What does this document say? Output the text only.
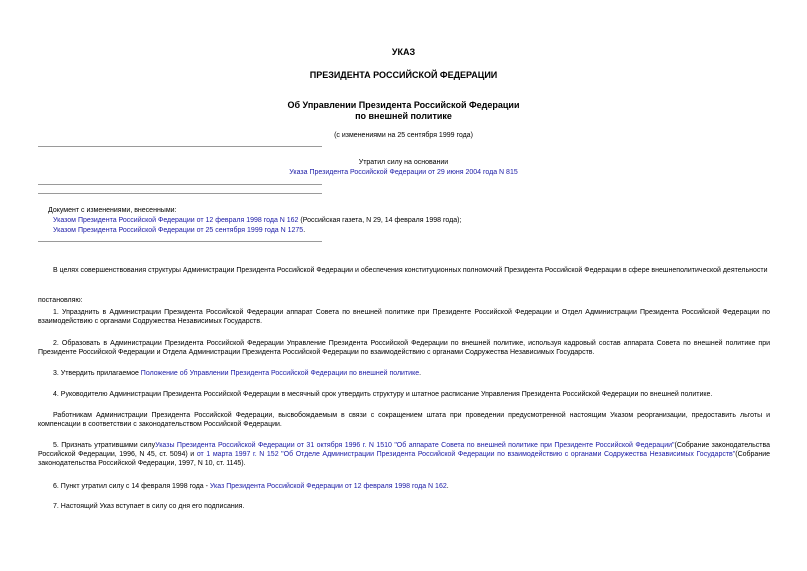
УКАЗ
ПРЕЗИДЕНТА РОССИЙСКОЙ ФЕДЕРАЦИИ
Об Управлении Президента Российской Федерации
по внешней политике
(с изменениями на 25 сентября 1999 года)
Утратил силу на основании
Указа Президента Российской Федерации от 29 июня 2004 года N 815
Документ с изменениями, внесенными:
Указом Президента Российской Федерации от 12 февраля 1998 года N 162 (Российская газета, N 29, 14 февраля 1998 года);
Указом Президента Российской Федерации от 25 сентября 1999 года N 1275.
В целях совершенствования структуры Администрации Президента Российской Федерации и обеспечения конституционных полномочий Президента Российской Федерации в сфере внешнеполитической деятельности
постановляю:
1. Упразднить в Администрации Президента Российской Федерации аппарат Совета по внешней политике при Президенте Российской Федерации и Отдел Администрации Президента Российской Федерации по взаимодействию с органами Содружества Независимых Государств.
2. Образовать в Администрации Президента Российской Федерации Управление Президента Российской Федерации по внешней политике, используя кадровый состав аппарата Совета по внешней политике при Президенте Российской Федерации и Отдела Администрации Президента Российской Федерации по взаимодействию с органами Содружества Независимых Государств.
3. Утвердить прилагаемое Положение об Управлении Президента Российской Федерации по внешней политике.
4. Руководителю Администрации Президента Российской Федерации в месячный срок утвердить структуру и штатное расписание Управления Президента Российской Федерации по внешней политике.
Работникам Администрации Президента Российской Федерации, высвобождаемым в связи с сокращением штата при проведении предусмотренной настоящим Указом реорганизации, предоставить льготы и компенсации в соответствии с законодательством Российской Федерации.
5. Признать утратившими силуУказы Президента Российской Федерации от 31 октября 1996 г. N 1510 "Об аппарате Совета по внешней политике при Президенте Российской Федерации"(Собрание законодательства Российской Федерации, 1996, N 45, ст. 5094) и от 1 марта 1997 г. N 152 "Об Отделе Администрации Президента Российской Федерации по взаимодействию с органами Содружества Независимых Государств"(Собрание законодательства Российской Федерации, 1997, N 10, ст. 1145).
6. Пункт утратил силу с 14 февраля 1998 года - Указ Президента Российской Федерации от 12 февраля 1998 года N 162.
7. Настоящий Указ вступает в силу со дня его подписания.
